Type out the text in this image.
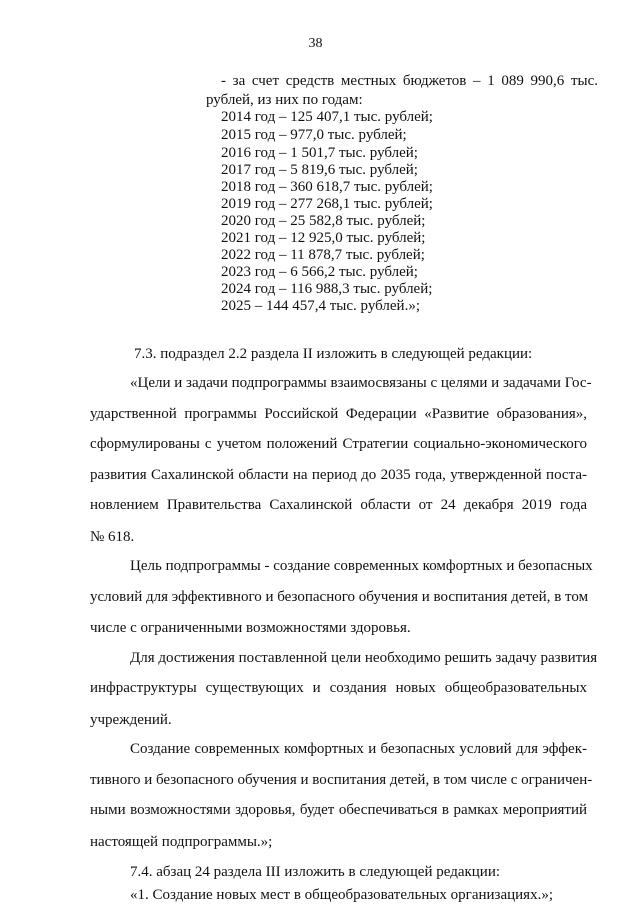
38
- за счет средств местных бюджетов – 1 089 990,6 тыс.
рублей, из них по годам:
2014 год – 125 407,1 тыс. рублей;
2015 год – 977,0 тыс. рублей;
2016 год – 1 501,7 тыс. рублей;
2017 год – 5 819,6 тыс. рублей;
2018 год – 360 618,7 тыс. рублей;
2019 год – 277 268,1 тыс. рублей;
2020 год – 25 582,8 тыс. рублей;
2021 год – 12 925,0 тыс. рублей;
2022 год – 11 878,7 тыс. рублей;
2023 год – 6 566,2 тыс. рублей;
2024 год – 116 988,3 тыс. рублей;
2025 – 144 457,4 тыс. рублей.»;
7.3. подраздел 2.2 раздела II изложить в следующей редакции:
«Цели и задачи подпрограммы взаимосвязаны с целями и задачами Гос-
ударственной программы Российской Федерации «Развитие образования»,
сформулированы с учетом положений Стратегии социально-экономического
развития Сахалинской области на период до 2035 года, утвержденной поста-
новлением Правительства Сахалинской области от 24 декабря 2019 года
№ 618.
Цель подпрограммы - создание современных комфортных и безопасных
условий для эффективного и безопасного обучения и воспитания детей, в том
числе с ограниченными возможностями здоровья.
Для достижения поставленной цели необходимо решить задачу развития
инфраструктуры существующих и создания новых общеобразовательных
учреждений.
Создание современных комфортных и безопасных условий для эффек-
тивного и безопасного обучения и воспитания детей, в том числе с ограничен-
ными возможностями здоровья, будет обеспечиваться в рамках мероприятий
настоящей подпрограммы.»;
7.4. абзац 24 раздела III изложить в следующей редакции:
«1. Создание новых мест в общеобразовательных организациях.»;
